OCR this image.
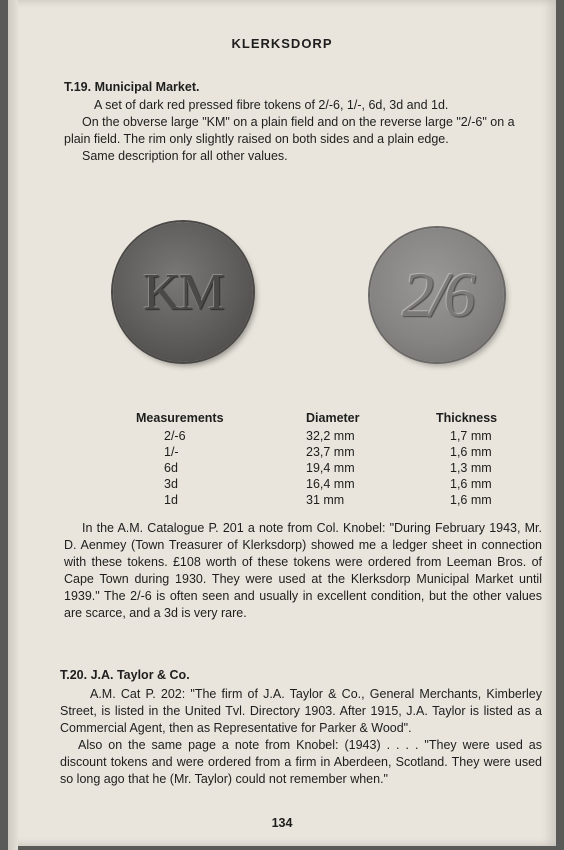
KLERKSDORP
T.19. Municipal Market.

A set of dark red pressed fibre tokens of 2/-6, 1/-, 6d, 3d and 1d.

On the obverse large "KM" on a plain field and on the reverse large "2/-6" on a plain field. The rim only slightly raised on both sides and a plain edge.

Same description for all other values.

KM	2/6
Measurements	Diameter	Thickness
2/-6	32,2 mm	1,7 mm
1/-	23,7 mm	1,6 mm
6d	19,4 mm	1,3 mm
3d	16,4 mm	1,6 mm
1d	31 mm	1,6 mm

In the A.M. Catalogue P. 201 a note from Col. Knobel: "During February 1943, Mr. D. Aenmey (Town Treasurer of Klerksdorp) showed me a ledger sheet in connection with these tokens. £108 worth of these tokens were ordered from Leeman Bros. of Cape Town during 1930. They were used at the Klerksdorp Municipal Market until 1939." The 2/-6 is often seen and usually in excellent condition, but the other values are scarce, and a 3d is very rare.

T.20. J.A. Taylor & Co.

A.M. Cat P. 202: "The firm of J.A. Taylor & Co., General Merchants, Kimberley Street, is listed in the United Tvl. Directory 1903. After 1915, J.A. Taylor is listed as a Commercial Agent, then as Representative for Parker & Wood".

Also on the same page a note from Knobel: (1943) . . . . "They were used as discount tokens and were ordered from a firm in Aberdeen, Scotland. They were used so long ago that he (Mr. Taylor) could not remember when."

134
